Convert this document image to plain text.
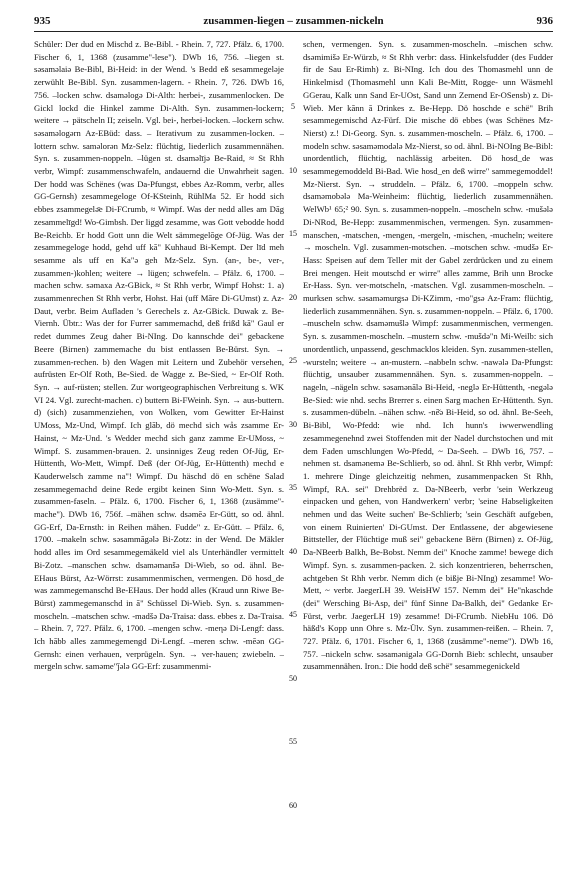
935	zusammen-liegen – zusammen-nickeln	936
Schüler: Der dud en Mischd z. Be-Bibl. - Rhein. 7, 727. Pfälz. 6, 1700. Fischer 6, 1, 1368 (zusamme"-lese"). DWb 16, 756. –liegen st. sǝsamǝlaiǝ Be-Bibl, Bi-Heid: in der Wend. 's Bedd eß sesammegelǝje zerwühlt Be-Bibl. Syn. zusammen-lagern. - Rhein. 7, 726. DWb 16, 756. –locken schw. dsamǝlogǝ Di-Alth: herbei-, zusammenlocken. De Gickl lockd die Hinkel zamme Di-Alth. Syn. zusammen-lockern; weitere → pätscheln II; zeiseln. Vgl. bei-, herbei-locken. –lockern schw. sǝsamǝlogǝrn Az-EBüd: dass. – Iterativum zu zusammen-locken. –lottern schw. samǝlorǝn Mz-Selz: flüchtig, liederlich zusammennähen. Syn. s. zusammen-noppeln. –lügen st. dsamǝlījǝ Be-Raid, ≈ St Rhh verbr, Wimpf: zusammenschwafeln, andauernd die Unwahrheit sagen. Der hodd was Schënes (was Da-Pfungst, ebbes Az-Romm, verbr, alles GG-Gernsh) zesammegeloge Of-KSteinh, RühlMa 52. Er hodd sich ebbes zsammegelǝ̄e Di-FCrumb, ≈ Wimpf. Was der nedd alles am Dāg zesammelīgd! Wo-Gimbsh. Der liggd zesamme, was Gott vebodde hodd Be-Reichb. Er hodd Gott unn die Welt sämmegelōge Of-Jüg. Was der zesammegeloge hodd, gehd uff kā" Kuhhaud Bi-Kempt. Der līd meh sesamme als uff en Ka"ǝ geh Mz-Selz. Syn. (an-, be-, ver-, zusammen-)kohlen; weitere → lügen; schwefeln. – Pfälz. 6, 1700. –machen schw. sǝmaxa Az-GBick, ≈ St Rhh verbr, Wimpf Hohst: 1. a) zusammenrechen St Rhh verbr, Hohst. Hai (uff Māre Di-GUmst) z. Az-Daut, verbr. Beim Aufladen 's Gerechels z. Az-GBick. Duwak z. Be-Viernh. Übtr.: Was der for Furrer sammemachd, deß frißd kā" Gaul er redet dummes Zeug daher Bi-NIng. Do kannschde dei" gebackene Beere (Birnen) zammemache du bist entlassen Be-Bürst. Syn. → zusammen-rechen. b) den Wagen mit Leitern und Zubehör versehen, aufrüsten Er-Olf Roth, Be-Sied. de Wagge z. Be-Sied, ~ Er-Olf Roth. Syn. → auf-rüsten; stellen. Zur wortgeographischen Verbreitung s. WK VI 24. Vgl. zurecht-machen. c) buttern Bi-FWeinh. Syn. → aus-buttern. d) (sich) zusammenziehen, von Wolken, vom Gewitter Er-Hainst UMoss, Mz-Und, Wimpf. Ich glāb, dö mechd sich wås zsamme Er-Hainst, ~ Mz-Und. 's Wedder mechd sich ganz zamme Er-UMoss, ~ Wimpf. S. zusammen-brauen. 2. unsinniges Zeug reden Of-Jüg, Er-Hüttenth, Wo-Mett, Wimpf. Deß (der Of-Jüg, Er-Hüttenth) mechd e Kauderwelsch zamme na"! Wimpf. Du häschd dö en schëne Salad zesammegemachd deine Rede ergibt keinen Sinn Wo-Mett. Syn. s. zusammen-faseln. – Pfälz. 6, 1700. Fischer 6, 1, 1368 (zusämme"-mache"). DWb 16, 756f. –mähen schw. dsǝmēǝ Er-Gütt, so od. ähnl. GG-Erf, Da-Ernsth: in Reihen mähen. Fudde" z. Er-Gütt. – Pfälz. 6, 1700. –makeln schw. sǝsammāgǝlǝ Bi-Zotz: in der Wend. De Mäkler hodd alles im Ord sesammegemäkeld viel als Unterhändler vermittelt Bi-Zotz. –manschen schw. dsamǝmanšǝ Di-Wieb, so od. ähnl. Be-EHaus Bürst, Az-Wörrst: zusammenmischen, vermengen. Dö hosd_de was zammegemanschd Be-EHaus. Der hodd alles (Kraud unn Riwe Be-Bürst) zammegemanschd in ā" Schüssel Di-Wieb. Syn. s. zusammen-moscheln. –matschen schw. -madšǝ Da-Traisa: dass. ebbes z. Da-Traisa. – Rhein. 7, 727. Pfälz. 6, 1700. –mengen schw. -meηǝ Di-Lengf: dass. Ich hābb alles zammegemengd Di-Lengf. –meren schw. -mēǝn GG-Gernsh: einen verhauen, verprügeln. Syn. → ver-hauen; zwiebeln. –mergeln schw. samǝme"ǰǝlǝ GG-Erf: zusammenmi-
5
10
15
20
25
30
35
40
45
50
55
60
schen, vermengen. Syn. s. zusammen-moscheln. –mischen schw. dsǝmimišǝ Er-Würzb, ≈ St Rhh verbr: dass. Hinkelsfudder (des Fudder fir de Sau Er-Rimh) z. Bi-NIng. Ich dou des Thomasmehl unn de Hinkelmisd (Thomasmehl unn Kali Be-Mitt, Rogge- unn Wäsmehl GGerau, Kalk unn Sand Er-UOst, Sand unn Zemend Er-OSensb) z. Di-Wieb. Mer kānn ā Drinkes z. Be-Hepp. Dö hoschde e schë" Brih sesammegemischd Az-Fürf. Die mische dö ebbes (was Schënes Mz-Nierst) z.! Di-Georg. Syn. s. zusammen-moscheln. – Pfälz. 6, 1700. –modeln schw. sǝsamǝmodǝlǝ Mz-Nierst, so od. ähnl. Bi-NOIng Be-Bibl: unordentlich, flüchtig, nachlässig arbeiten. Dö hosd_de was sesammegemoddeld Bi-Bad. Wie hosd_en deß wirre" sammegemoddel! Mz-Nierst. Syn. → struddeln. – Pfälz. 6, 1700. –moppeln schw. dsamǝmobǝlǝ Ma-Weinheim: flüchtig, liederlich zusammennähen. WelWb¹ 65;² 90. Syn. s. zusammen-noppeln. –moscheln schw. -mušǝlǝ Di-NRod, Be-Hepp: zusammenmischen, vermengen. Syn. zusammen-manschen, -matschen, -mengen, -mergeln, -mischen, -mucheln; weitere → moscheln. Vgl. zusammen-motschen. –motschen schw. -mudšǝ Er-Hass: Speisen auf dem Teller mit der Gabel zerdrücken und zu einem Brei mengen. Heit moutschd er wirre" alles zamme, Brih unn Brocke Er-Hass. Syn. ver-motscheln, -matschen. Vgl. zusammen-moscheln. –murksen schw. sǝsamǝmurgsǝ Di-KZimm, -mo"gsǝ Az-Fram: flüchtig, liederlich zusammennähen. Syn. s. zusammen-noppeln. – Pfälz. 6, 1700. –muscheln schw. dsamǝmušlǝ Wimpf: zusammenmischen, vermengen. Syn. s. zusammen-moscheln. –mustern schw. -mušdǝ"n Mi-Weilb: sich unordentlich, unpassend, geschmacklos kleiden. Syn. zusammen-stellen, -wursteln; weitere → an-mustern. –nabbeln schw. -nawǝlǝ Da-Pfungst: flüchtig, unsauber zusammennähen. Syn. s. zusammen-noppeln. –nageln, –nägeln schw. sǝsamǝnālǝ Bi-Heid, -neglǝ Er-Hüttenth, -neǥǝlǝ Be-Sied: wie nhd. sechs Brerrer s. einen Sarg machen Er-Hüttenth. Syn. s. zusammen-dübeln. –nähen schw. -nē̆ǝ Bi-Heid, so od. ähnl. Be-Seeh, Bi-Bibl, Wo-Pfedd: wie nhd. Ich hunn's iwwerwendling zesammegenehnd zwei Stoffenden mit der Nadel durchstochen und mit dem Faden umschlungen Wo-Pfedd, ~ Da-Seeh. – DWb 16, 757. –nehmen st. dsamǝnemǝ Be-Schlierb, so od. ähnl. St Rhh verbr, Wimpf: 1. mehrere Dinge gleichzeitig nehmen, zusammenpacken St Rhh, Wimpf, RA. sei" Drehbrëd z. Da-NBeerb, verbr 'sein Werkzeug einpacken und gehen, von Handwerkern' verbr; 'seine Habseligkeiten nehmen und das Weite suchen' Be-Schlierb; 'sein Geschäft aufgeben, von einem Ruinierten' Di-GUmst. Der Entlassene, der abgewiesene Bittsteller, der Flüchtige muß sei" gebackene Bërn (Birnen) z. Of-Jüg, Da-NBeerb Balkh, Be-Bobst. Nemm dei" Knoche zamme! bewege dich Wimpf. Syn. s. zusammen-packen. 2. sich konzentrieren, beherrschen, achtgeben St Rhh verbr. Nemm dich (e bißje Bi-NIng) zesamme! Wo-Mett, ~ verbr. JaegerLH 39. WeisHW 157. Nemm dei" He"nkaschde (dei" Wersching Bi-Asp, dei" fünf Sinne Da-Balkh, dei" Gedanke Er-Fürst, verbr. JaegerLH 19) zesamme! Di-FCrumb. NiebHu 106. Dö häßd's Kopp unn Ohre s. Mz-Ülv. Syn. zusammen-reißen. – Rhein. 7, 727. Pfälz. 6, 1701. Fischer 6, 1, 1368 (zusämme"-neme"). DWb 16, 757. –nickeln schw. sǝsamǝnigǝlǝ GG-Dornh Bieb: schlecht, unsauber zusammennähen. Iron.: Die hodd deß schë" sesammegenickeld
